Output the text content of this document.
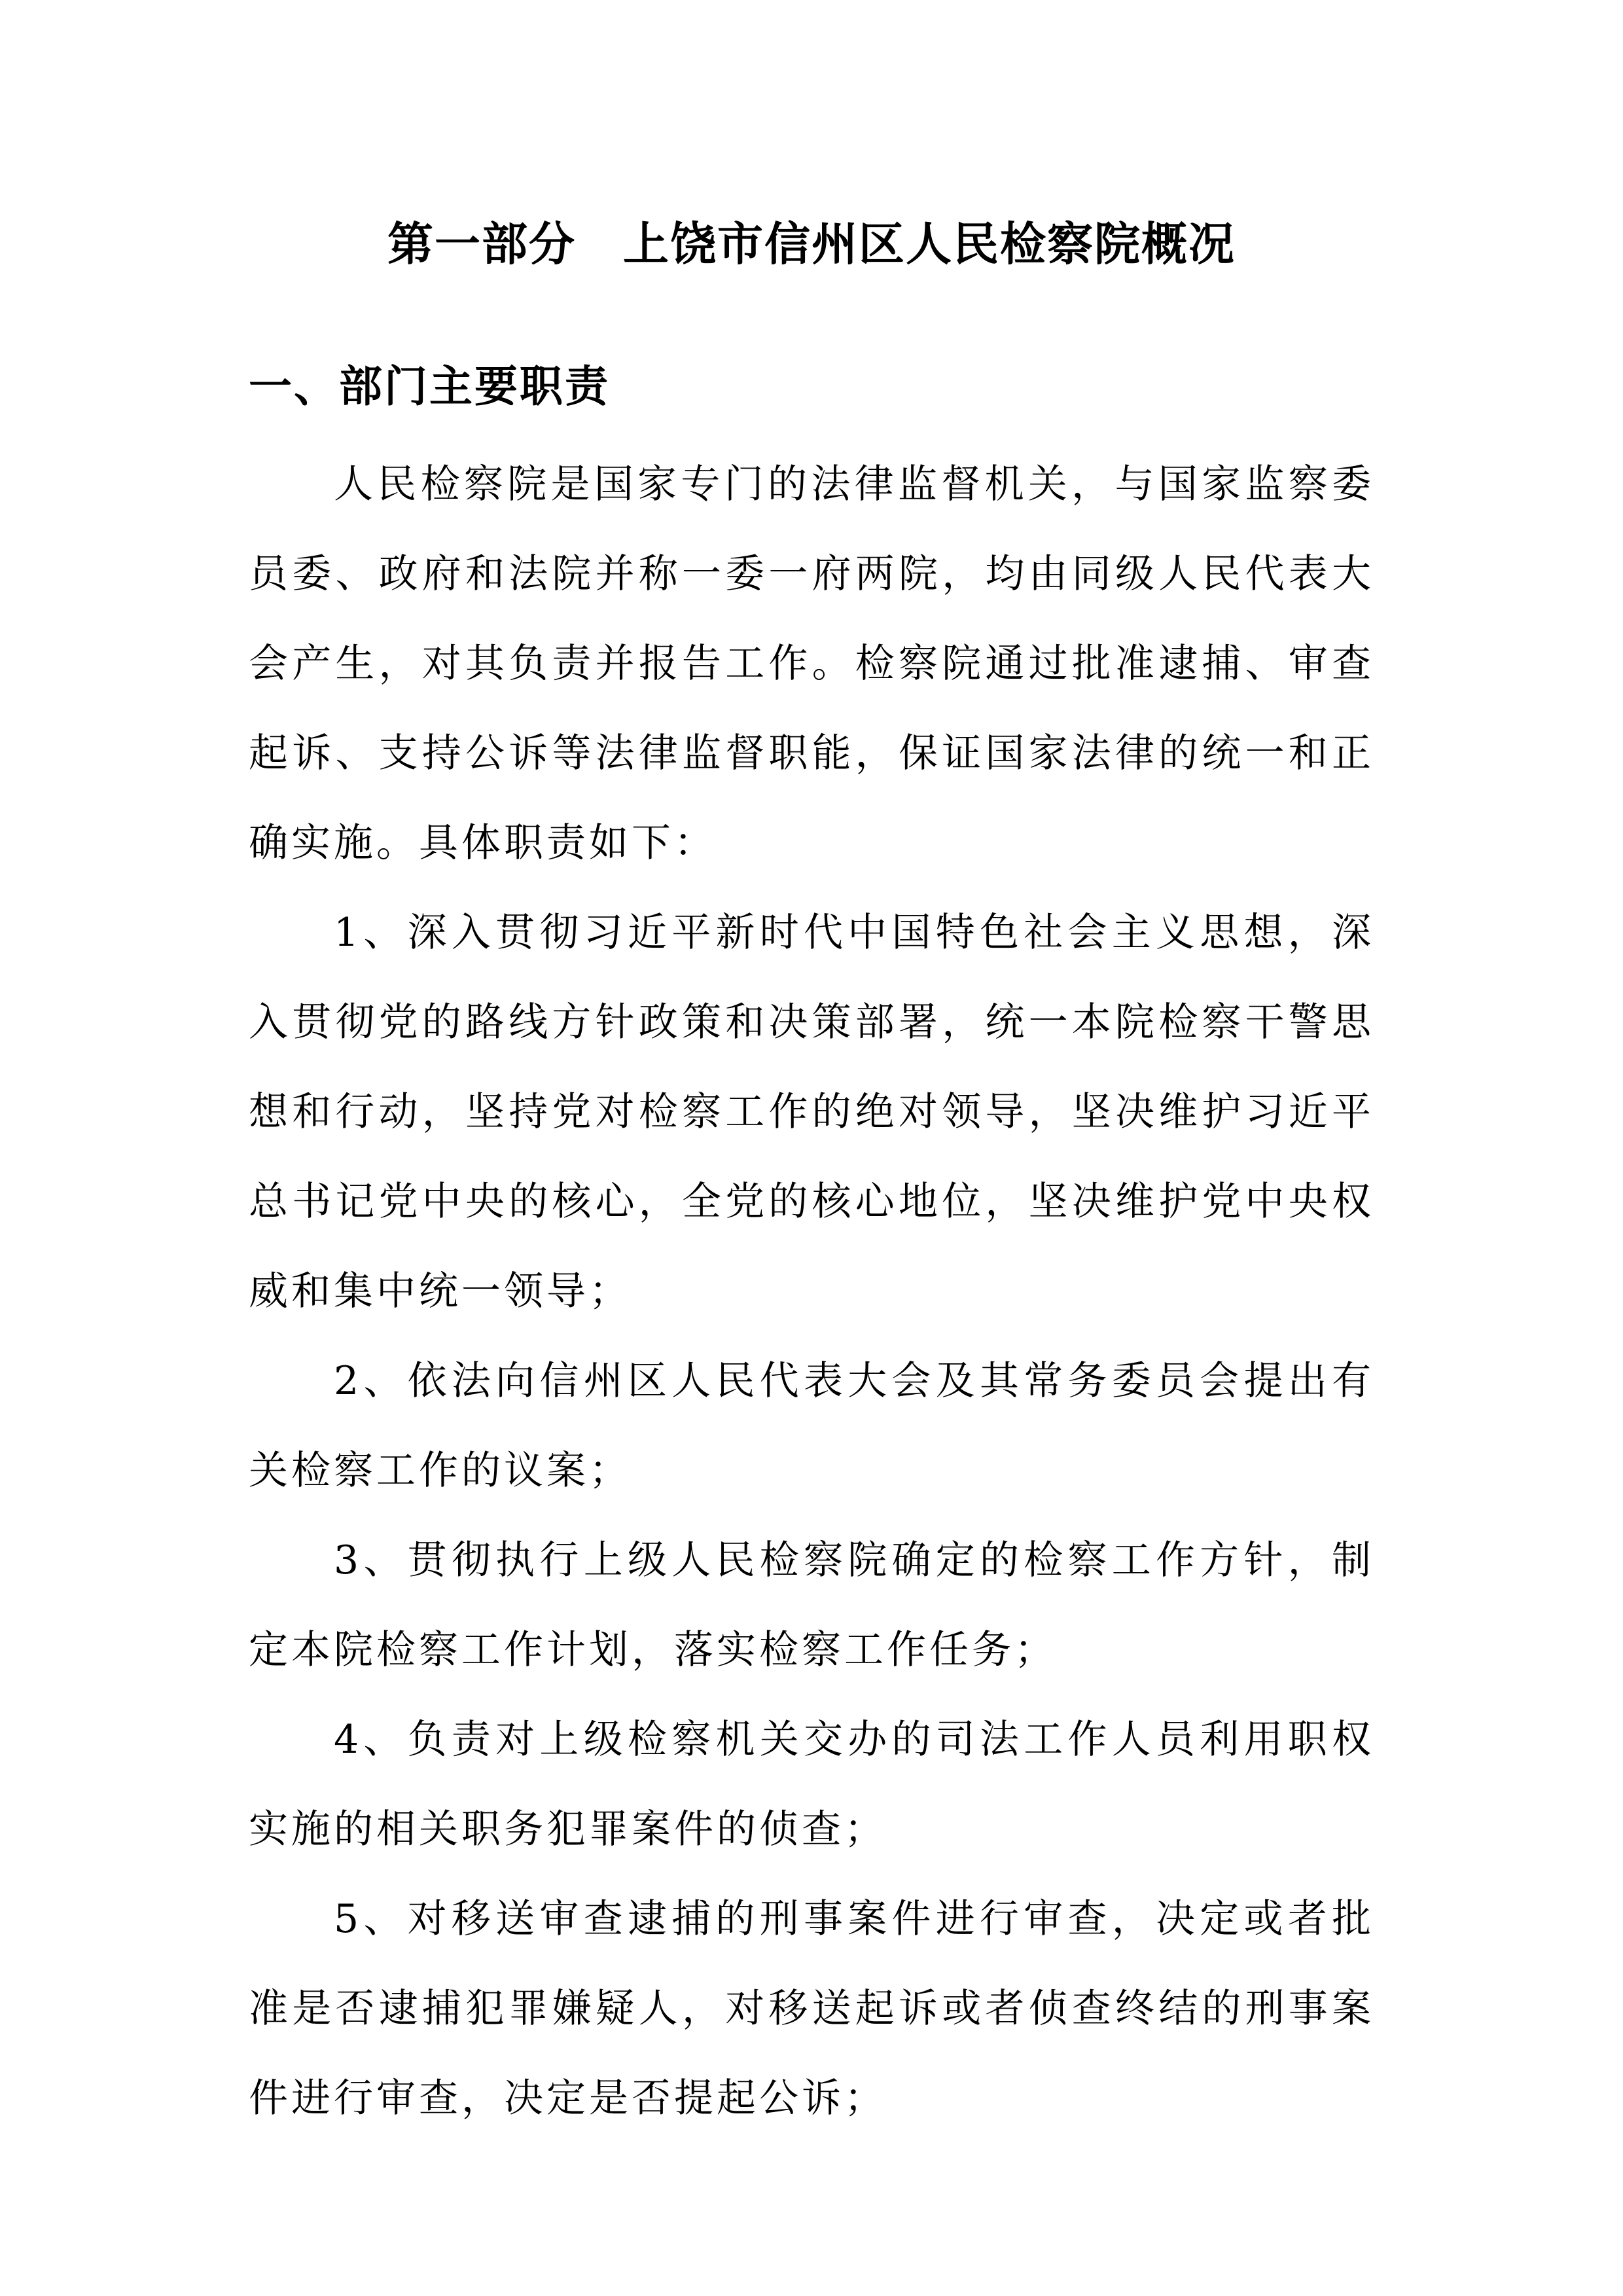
第一部分　上饶市信州区人民检察院概况
一、部门主要职责

人民检察院是国家专门的法律监督机关，与国家监察委员委、政府和法院并称一委一府两院，均由同级人民代表大会产生，对其负责并报告工作。检察院通过批准逮捕、审查起诉、支持公诉等法律监督职能，保证国家法律的统一和正确实施。具体职责如下：

1、深入贯彻习近平新时代中国特色社会主义思想，深入贯彻党的路线方针政策和决策部署，统一本院检察干警思想和行动，坚持党对检察工作的绝对领导，坚决维护习近平总书记党中央的核心，全党的核心地位，坚决维护党中央权威和集中统一领导；

2、依法向信州区人民代表大会及其常务委员会提出有关检察工作的议案；

3、贯彻执行上级人民检察院确定的检察工作方针，制定本院检察工作计划，落实检察工作任务；

4、负责对上级检察机关交办的司法工作人员利用职权实施的相关职务犯罪案件的侦查；

5、对移送审查逮捕的刑事案件进行审查，决定或者批准是否逮捕犯罪嫌疑人，对移送起诉或者侦查终结的刑事案件进行审查，决定是否提起公诉；
